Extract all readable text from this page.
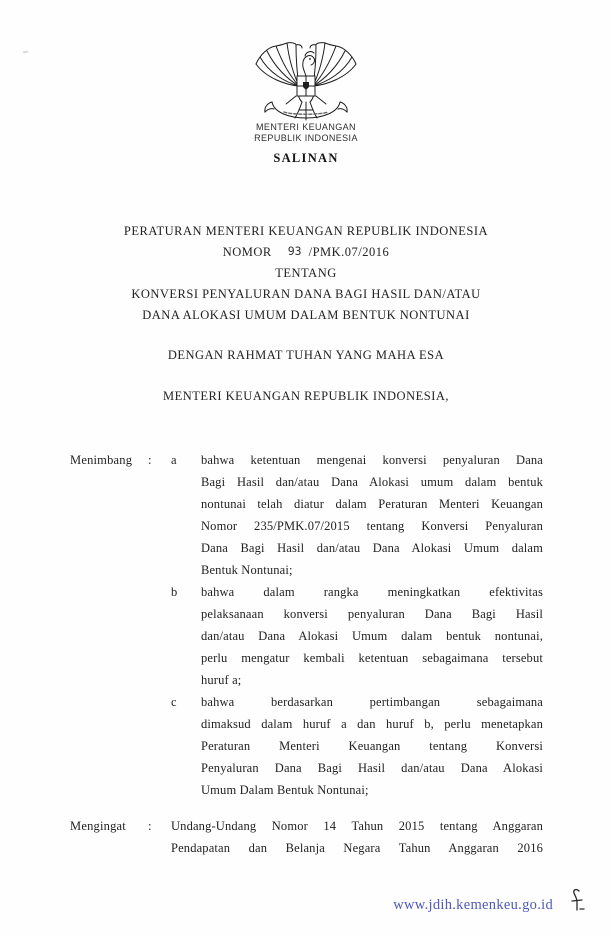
MENTERI KEUANGAN
REPUBLIK INDONESIA
SALINAN
PERATURAN MENTERI KEUANGAN REPUBLIK INDONESIA
NOMOR 93 /PMK.07/2016
TENTANG
KONVERSI PENYALURAN DANA BAGI HASIL DAN/ATAU
DANA ALOKASI UMUM DALAM BENTUK NONTUNAI
DENGAN RAHMAT TUHAN YANG MAHA ESA
MENTERI KEUANGAN REPUBLIK INDONESIA,
Menimbang	:	a	bahwa ketentuan mengenai konversi penyaluran Dana
Bagi Hasil dan/atau Dana Alokasi umum dalam bentuk
nontunai telah diatur dalam Peraturan Menteri Keuangan
Nomor 235/PMK.07/2015 tentang Konversi Penyaluran
Dana Bagi Hasil dan/atau Dana Alokasi Umum dalam
Bentuk Nontunai;
b	bahwa dalam rangka meningkatkan efektivitas
pelaksanaan konversi penyaluran Dana Bagi Hasil
dan/atau Dana Alokasi Umum dalam bentuk nontunai,
perlu mengatur kembali ketentuan sebagaimana tersebut
huruf a;
c	bahwa berdasarkan pertimbangan sebagaimana
dimaksud dalam huruf a dan huruf b, perlu menetapkan
Peraturan Menteri Keuangan tentang Konversi
Penyaluran Dana Bagi Hasil dan/atau Dana Alokasi
Umum Dalam Bentuk Nontunai;
Mengingat	:	Undang-Undang Nomor 14 Tahun 2015 tentang Anggaran
Pendapatan dan Belanja Negara Tahun Anggaran 2016
www.jdih.kemenkeu.go.id
